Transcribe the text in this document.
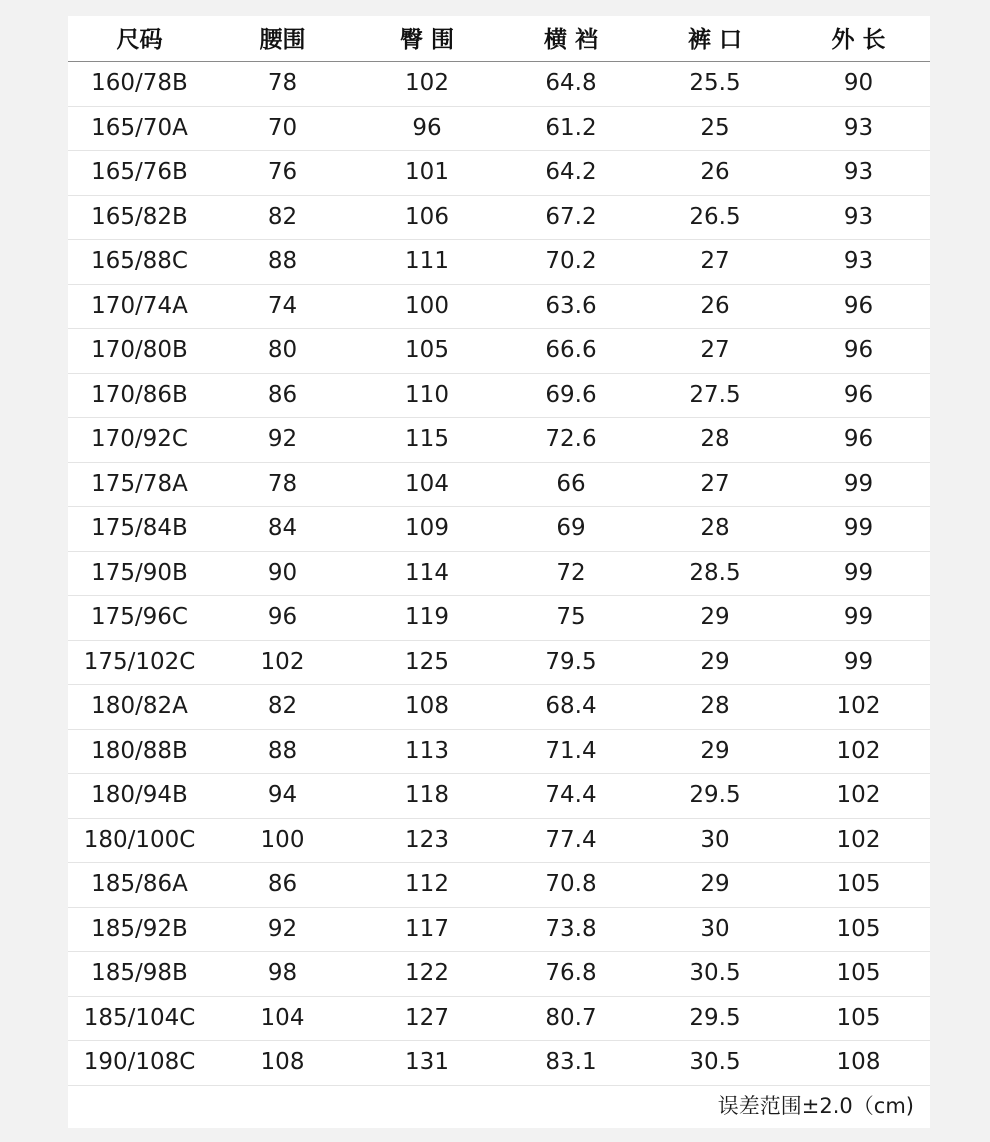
尺码	腰围	臀 围	横 裆	裤 口	外 长
160/78B	78	102	64.8	25.5	90
165/70A	70	96	61.2	25	93
165/76B	76	101	64.2	26	93
165/82B	82	106	67.2	26.5	93
165/88C	88	111	70.2	27	93
170/74A	74	100	63.6	26	96
170/80B	80	105	66.6	27	96
170/86B	86	110	69.6	27.5	96
170/92C	92	115	72.6	28	96
175/78A	78	104	66	27	99
175/84B	84	109	69	28	99
175/90B	90	114	72	28.5	99
175/96C	96	119	75	29	99
175/102C	102	125	79.5	29	99
180/82A	82	108	68.4	28	102
180/88B	88	113	71.4	29	102
180/94B	94	118	74.4	29.5	102
180/100C	100	123	77.4	30	102
185/86A	86	112	70.8	29	105
185/92B	92	117	73.8	30	105
185/98B	98	122	76.8	30.5	105
185/104C	104	127	80.7	29.5	105
190/108C	108	131	83.1	30.5	108
误差范围±2.0（cm)
